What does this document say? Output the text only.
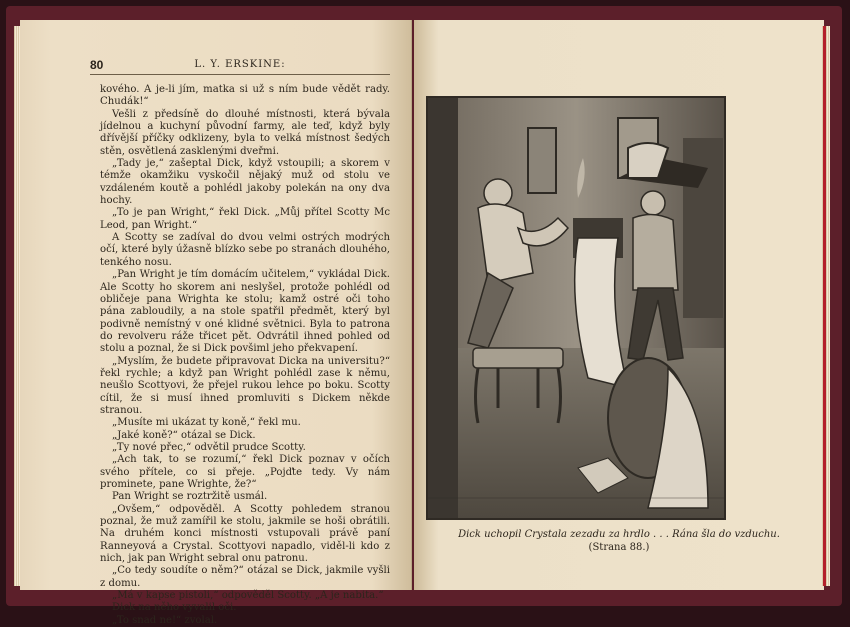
80	L. Y. ERSKINE:

kového. A je-li jím, matka si už s ním bude vědět rady. Chudák!“

Vešli z předsíně do dlouhé místnosti, která bývala jídelnou a kuchyní původní farmy, ale teď, když byly dřívější příčky odklizeny, byla to velká místnost šedých stěn, osvětlená zasklenými dveřmi.

„Tady je,“ zašeptal Dick, když vstoupili; a skorem v témže okamžiku vyskočil nějaký muž od stolu ve vzdáleném koutě a pohlédl jakoby polekán na ony dva hochy.

„To je pan Wright,“ řekl Dick. „Můj přítel Scotty Mc Leod, pan Wright.“

A Scotty se zadíval do dvou velmi ostrých modrých očí, které byly úžasně blízko sebe po stranách dlouhého, tenkého nosu.

„Pan Wright je tím domácím učitelem,“ vykládal Dick. Ale Scotty ho skorem ani neslyšel, protože pohlédl od obličeje pana Wrighta ke stolu; kamž ostré oči toho pána zabloudily, a na stole spatřil předmět, který byl podivně nemístný v oné klidné světnici. Byla to patrona do revolveru ráže třicet pět. Odvrátil ihned pohled od stolu a poznal, že si Dick povšiml jeho překvapení.

„Myslím, že budete připravovat Dicka na universitu?“ řekl rychle; a když pan Wright pohlédl zase k němu, neušlo Scottyovi, že přejel rukou lehce po boku. Scotty cítil, že si musí ihned promluviti s Dickem někde stranou.

„Musíte mi ukázat ty koně,“ řekl mu.

„Jaké koně?“ otázal se Dick.

„Ty nové přec,“ odvětil prudce Scotty.

„Ach tak, to se rozumí,“ řekl Dick poznav v očích svého přítele, co si přeje. „Pojďte tedy. Vy nám prominete, pane Wrighte, že?“

Pan Wright se roztržitě usmál.

„Ovšem,“ odpověděl. A Scotty pohledem stranou poznal, že muž zamířil ke stolu, jakmile se hoši obrátili. Na druhém konci místnosti vstupovali právě paní Ranneyová a Crystal. Scottyovi napadlo, viděl-li kdo z nich, jak pan Wright sebral onu patronu.

„Co tedy soudíte o něm?“ otázal se Dick, jakmile vyšli z domu.

„Má v kapse pistoli,“ odpověděl Scotty. „A je nabita.“

Dick na něho vyvalil oči.

„To snad ne!“ zvolal.

Dick uchopil Crystala zezadu za hrdlo . . . Rána šla do vzduchu.
(Strana 88.)
